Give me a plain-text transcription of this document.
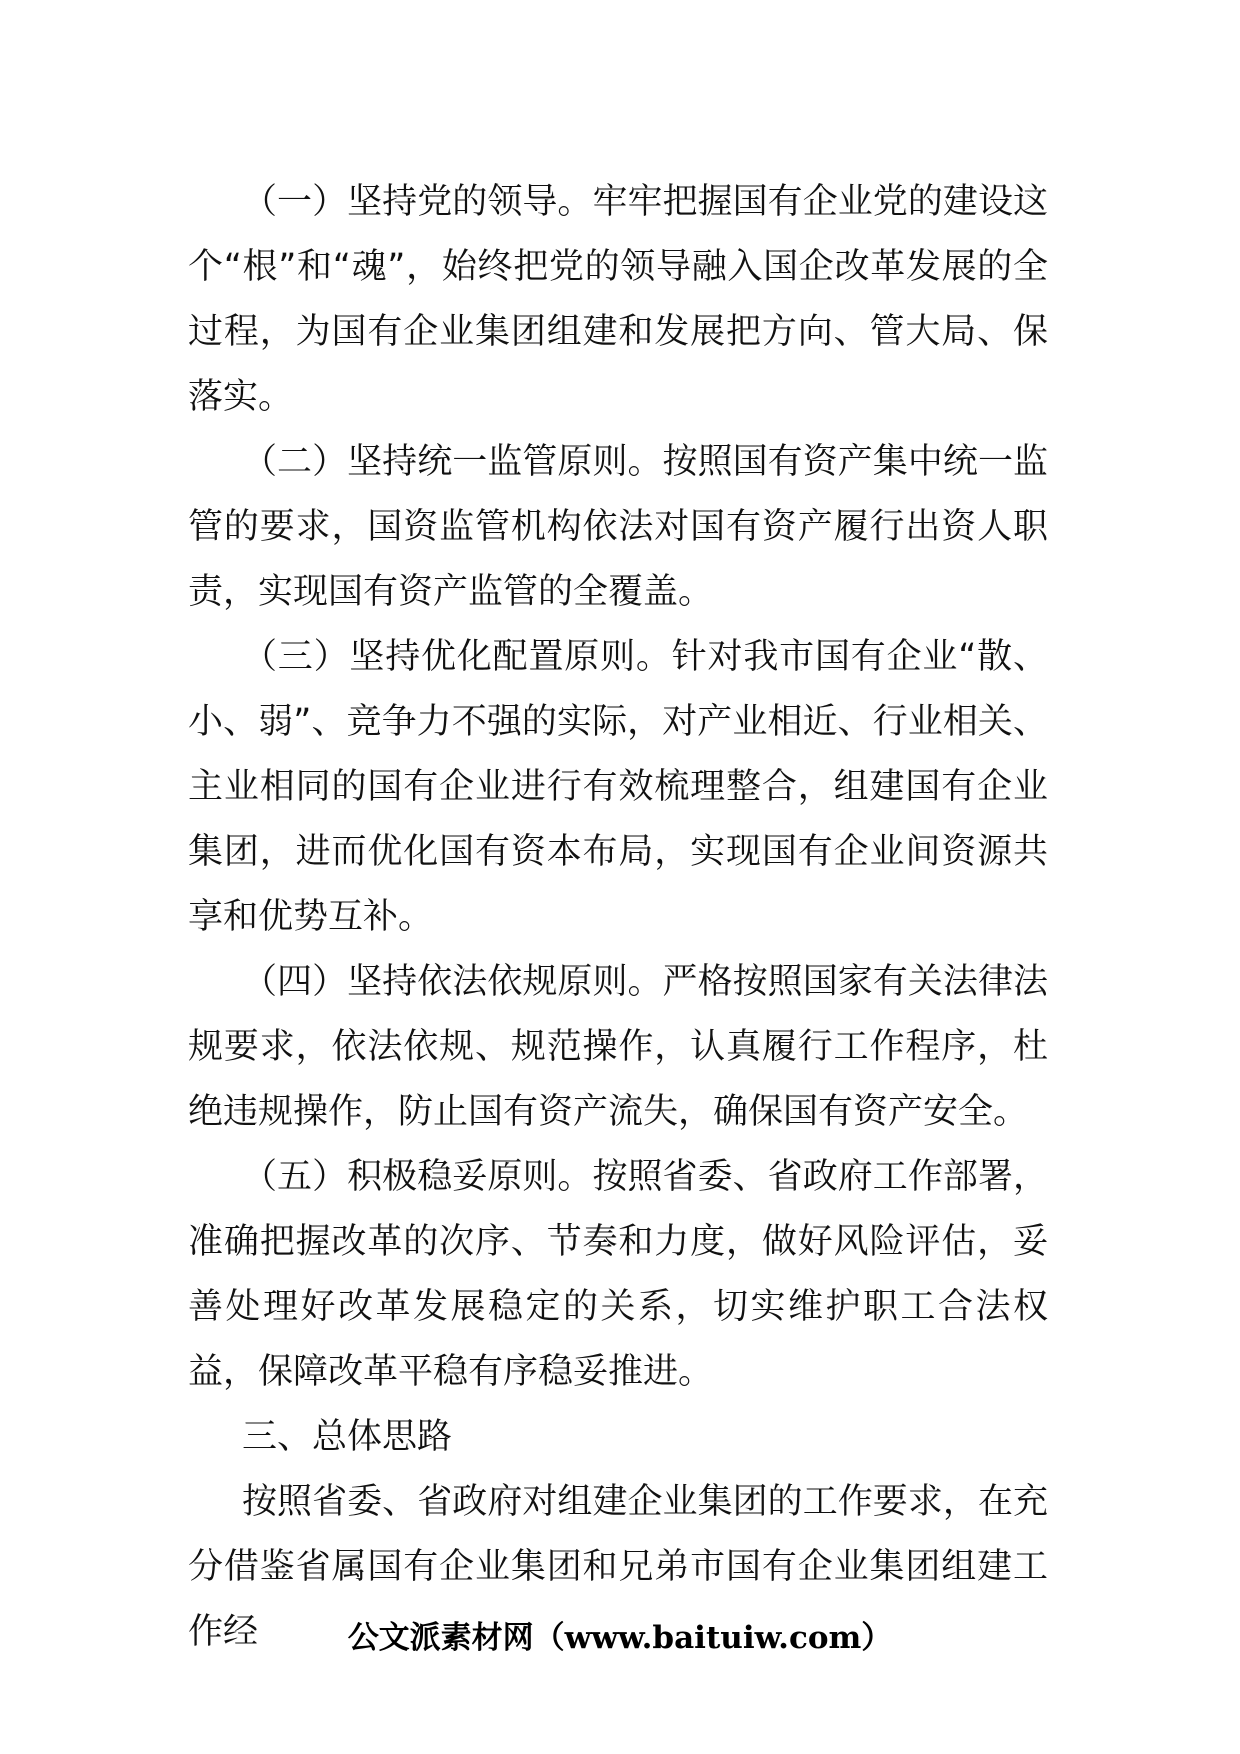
（一）坚持党的领导。牢牢把握国有企业党的建设这个“根”和“魂”，始终把党的领导融入国企改革发展的全过程，为国有企业集团组建和发展把方向、管大局、保落实。

（二）坚持统一监管原则。按照国有资产集中统一监管的要求，国资监管机构依法对国有资产履行出资人职责，实现国有资产监管的全覆盖。

（三）坚持优化配置原则。针对我市国有企业“散、小、弱”、竞争力不强的实际，对产业相近、行业相关、主业相同的国有企业进行有效梳理整合，组建国有企业集团，进而优化国有资本布局，实现国有企业间资源共享和优势互补。

（四）坚持依法依规原则。严格按照国家有关法律法规要求，依法依规、规范操作，认真履行工作程序，杜绝违规操作，防止国有资产流失，确保国有资产安全。

（五）积极稳妥原则。按照省委、省政府工作部署，准确把握改革的次序、节奏和力度，做好风险评估，妥善处理好改革发展稳定的关系，切实维护职工合法权益，保障改革平稳有序稳妥推进。

三、总体思路

按照省委、省政府对组建企业集团的工作要求，在充分借鉴省属国有企业集团和兄弟市国有企业集团组建工作经	公文派素材网（www.baituiw.com）
